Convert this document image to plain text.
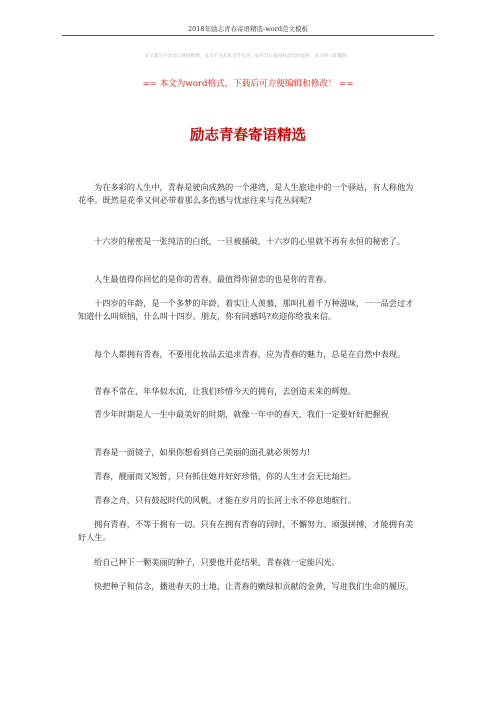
2018年励志青春寄语精选-word范文模板
本文部分内容来自网络整理，本司不为其真实性负责，如有异议或侵权请及时联系，本司将立即删除！
== 本文为word格式，下载后可方便编辑和修改！ ==
励志青春寄语精选

为在多彩的人生中，青春是驶向成熟的一个港湾，是人生旅途中的一个驿站，有人称他为花季。既然是花季又何必带着那么多伤感与忧虑往来与花丛间呢?

十六岁的秘密是一张纯洁的白纸，一旦被捅破，十六岁的心里就不再有永恒的秘密了。

人生最值得你回忆的是你的青春，最值得你留恋的也是你的青春。

十四岁的年龄，是一个多梦的年龄，着实让人羡慕，那叫扎着千万种滋味，一一品尝过才知道什么叫烦恼，什么叫十四岁。朋友，你有同感吗?欢迎你给我来信。

每个人都拥有青春，不要用化妆品去追求青春，应为青春的魅力，总是在自然中表现。

青春不常在，年华似水流，让我们珍惜今天的拥有，去创造未来的辉煌。

青少年时期是人一生中最美好的时期，就像一年中的春天，我们一定要好好把握祝

青春是一面镜子，如果你想看到自己美丽的面孔就必须努力!

青春，靓丽而又短暂，只有抓住她并好好珍惜，你的人生才会无比灿烂。

青春之舟，只有鼓起时代的风帆，才能在岁月的长河上永不停息地航行。

拥有青春，不等于拥有一切。只有在拥有青春的同时，不懈努力、顽强拼搏，才能拥有美好人生。

给自己种下一颗美丽的种子，只要他开花结果，青春就一定能闪光。

快把种子和信念，播进春天的土地，让青春的嫩绿和贡献的金黄，写进我们生命的履历。
